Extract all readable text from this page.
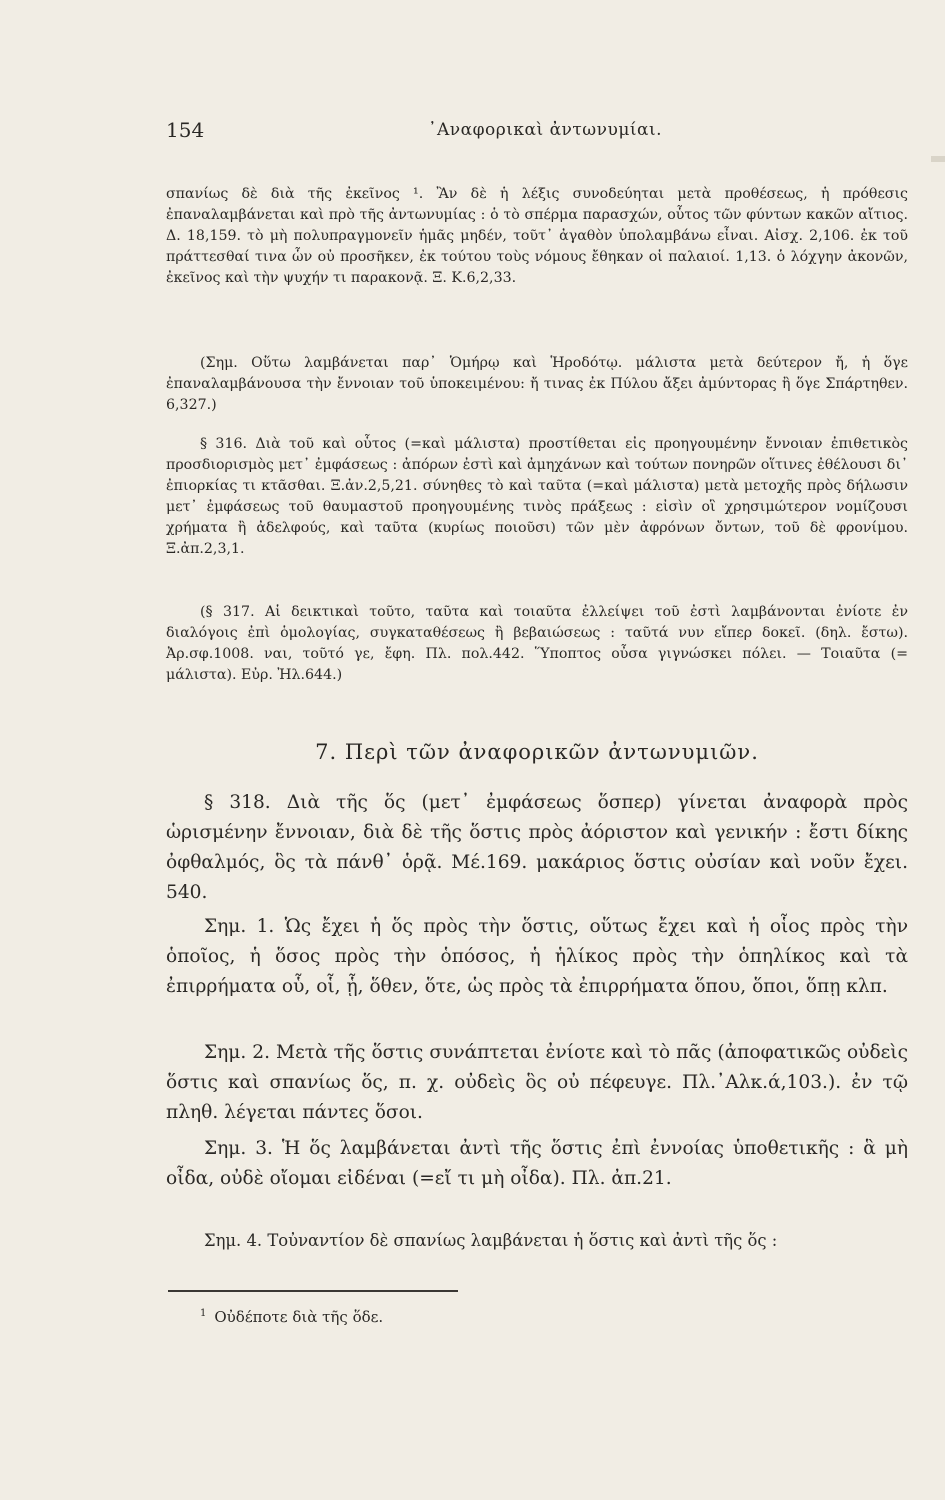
154	᾿Αναφορικαὶ ἀντωνυμίαι.

σπανίως δὲ διὰ τῆς ἐκεῖνος ¹. Ἂν δὲ ἡ λέξις συνοδεύηται μετὰ προθέσεως, ἡ πρόθεσις ἐπαναλαμβάνεται καὶ πρὸ τῆς ἀντωνυμίας : ὁ τὸ σπέρμα παρασχών, οὗτος τῶν φύντων κακῶν αἴτιος. Δ. 18,159. τὸ μὴ πολυπραγμονεῖν ἡμᾶς μηδέν, τοῦτ᾿ ἀγαθὸν ὑπολαμβάνω εἶναι. Αἰσχ. 2,106. ἐκ τοῦ πράττεσθαί τινα ὧν οὐ προσῆκεν, ἐκ τούτου τοὺς νόμους ἔθηκαν οἱ παλαιοί. 1,13. ὁ λόχγην ἀκονῶν, ἐκεῖνος καὶ τὴν ψυχήν τι παρακονᾷ. Ξ. Κ.6,2,33.

(Σημ. Οὕτω λαμβάνεται παρ᾿ Ὁμήρῳ καὶ Ἡροδότῳ. μάλιστα μετὰ δεύτερον ἤ, ἡ ὅγε ἐπαναλαμβάνουσα τὴν ἔννοιαν τοῦ ὑποκειμένου: ἤ τινας ἐκ Πύλου ἄξει ἀμύντορας ἢ ὅγε Σπάρτηθεν. 6,327.)

§ 316. Διὰ τοῦ καὶ οὗτος (=καὶ μάλιστα) προστίθεται εἰς προηγουμένην ἔννοιαν ἐπιθετικὸς προσδιορισμὸς μετ᾿ ἐμφάσεως : ἀπόρων ἐστὶ καὶ ἀμηχάνων καὶ τούτων πονηρῶν οἵτινες ἐθέλουσι δι᾿ ἐπιορκίας τι κτᾶσθαι. Ξ.ἀν.2,5,21. σύνηθες τὸ καὶ ταῦτα (=καὶ μάλιστα) μετὰ μετοχῆς πρὸς δήλωσιν μετ᾿ ἐμφάσεως τοῦ θαυμαστοῦ προηγουμένης τινὸς πράξεως : εἰσὶν οἳ χρησιμώτερον νομίζουσι χρήματα ἢ ἀδελφούς, καὶ ταῦτα (κυρίως ποιοῦσι) τῶν μὲν ἀφρόνων ὄντων, τοῦ δὲ φρονίμου. Ξ.ἀπ.2,3,1.

(§ 317. Αἱ δεικτικαὶ τοῦτο, ταῦτα καὶ τοιαῦτα ἐλλείψει τοῦ ἐστὶ λαμβάνονται ἐνίοτε ἐν διαλόγοις ἐπὶ ὁμολογίας, συγκαταθέσεως ἢ βεβαιώσεως : ταῦτά νυν εἴπερ δοκεῖ. (δηλ. ἔστω). Ἀρ.σφ.1008. ναι, τοῦτό γε, ἔφη. Πλ. πολ.442. Ὕποπτος οὖσα γιγνώσκει πόλει. — Τοιαῦτα (= μάλιστα). Εὐρ. Ἠλ.644.)

7. Περὶ τῶν ἀναφορικῶν ἀντωνυμιῶν.

§ 318. Διὰ τῆς ὅς (μετ᾿ ἐμφάσεως ὅσπερ) γίνεται ἀναφορὰ πρὸς ὡρισμένην ἔννοιαν, διὰ δὲ τῆς ὅστις πρὸς ἀόριστον καὶ γενικήν : ἔστι δίκης ὀφθαλμός, ὃς τὰ πάνθ᾿ ὁρᾷ. Μέ.169. μακάριος ὅστις οὐσίαν καὶ νοῦν ἔχει. 540.

Σημ. 1. Ὡς ἔχει ἡ ὅς πρὸς τὴν ὅστις, οὕτως ἔχει καὶ ἡ οἷος πρὸς τὴν ὁποῖος, ἡ ὅσος πρὸς τὴν ὁπόσος, ἡ ἡλίκος πρὸς τὴν ὁπηλίκος καὶ τὰ ἐπιρρήματα οὗ, οἷ, ᾗ, ὅθεν, ὅτε, ὡς πρὸς τὰ ἐπιρρήματα ὅπου, ὅποι, ὅπῃ κλπ.

Σημ. 2. Μετὰ τῆς ὅστις συνάπτεται ἐνίοτε καὶ τὸ πᾶς (ἀποφατικῶς οὐδεὶς ὅστις καὶ σπανίως ὅς, π. χ. οὐδεὶς ὃς οὐ πέφευγε. Πλ.᾿Αλκ.ά,103.). ἐν τῷ πληθ. λέγεται πάντες ὅσοι.

Σημ. 3. Ἡ ὅς λαμβάνεται ἀντὶ τῆς ὅστις ἐπὶ ἐννοίας ὑποθετικῆς : ἃ μὴ οἶδα, οὐδὲ οἴομαι εἰδέναι (=εἴ τι μὴ οἶδα). Πλ. ἀπ.21.

Σημ. 4. Τοὐναντίον δὲ σπανίως λαμβάνεται ἡ ὅστις καὶ ἀντὶ τῆς ὅς :

$^1$ Οὐδέποτε διὰ τῆς ὅδε.
